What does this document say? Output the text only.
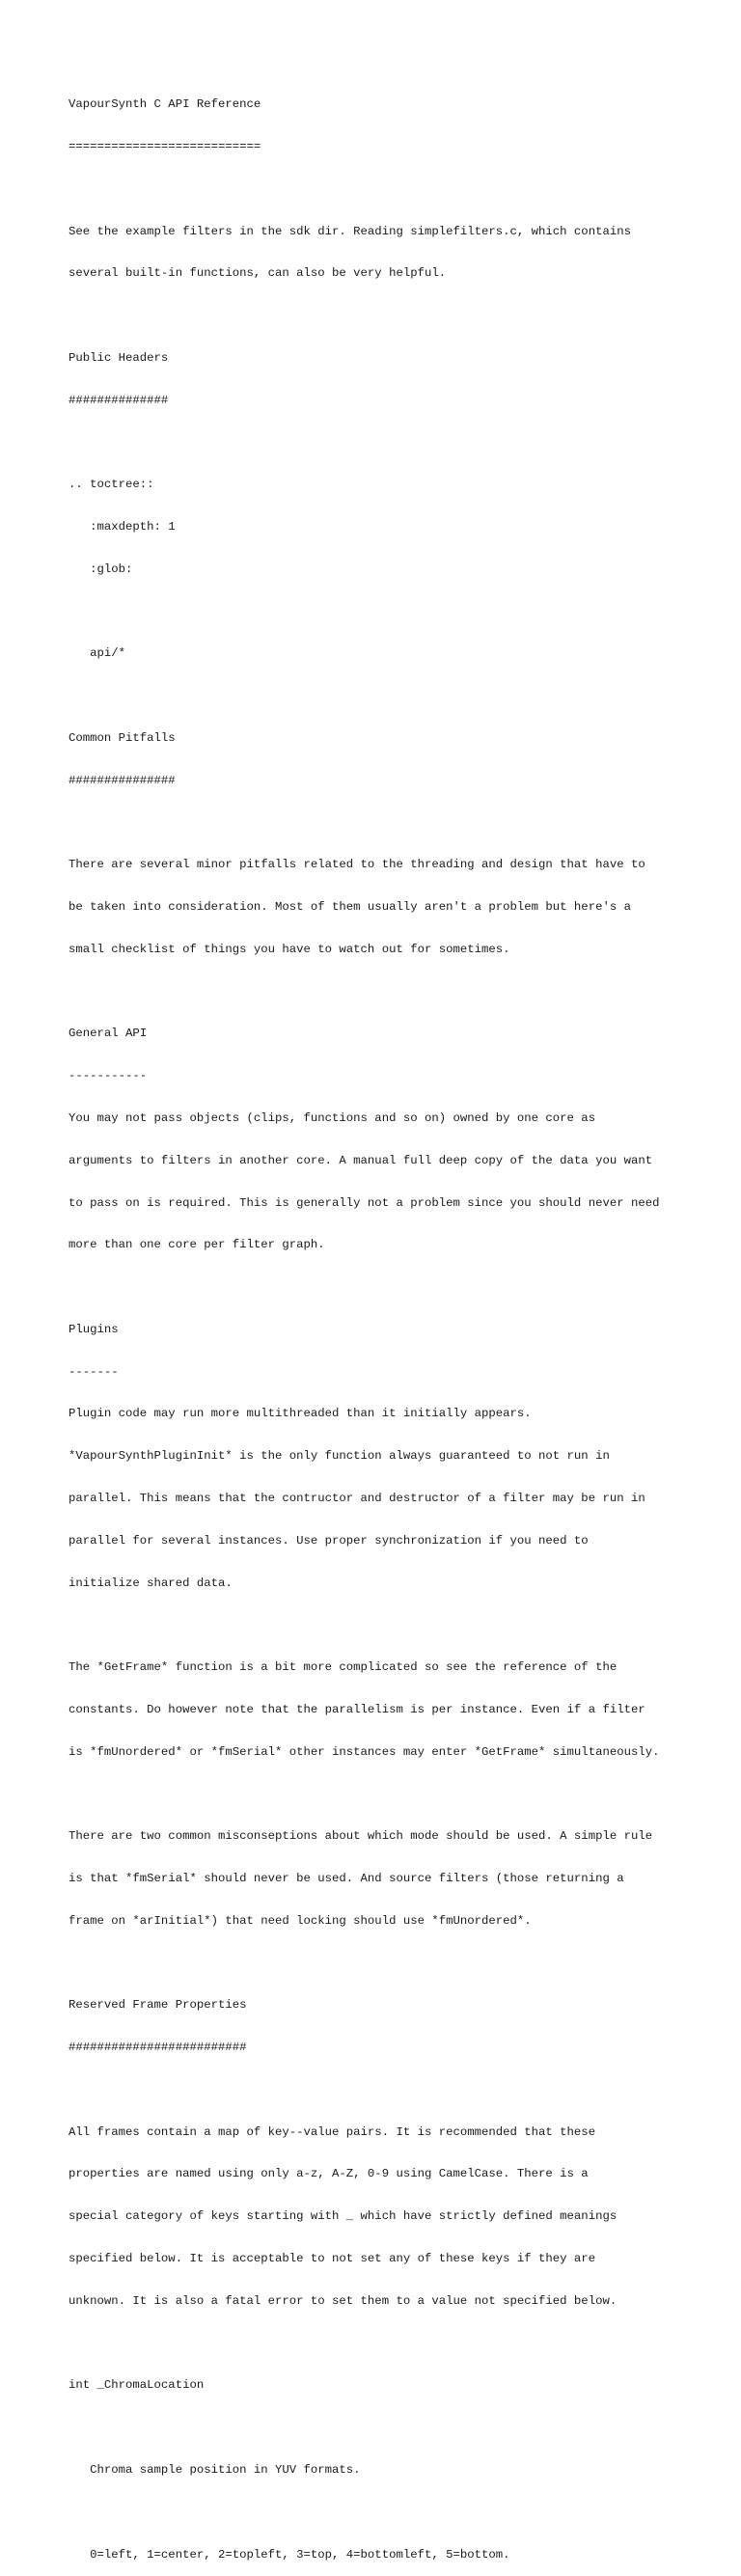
VapourSynth C API Reference

===========================

See the example filters in the sdk dir. Reading simplefilters.c, which contains

several built-in functions, can also be very helpful.

Public Headers

##############

.. toctree::

:maxdepth: 1

:glob:

api/*

Common Pitfalls

###############

There are several minor pitfalls related to the threading and design that have to

be taken into consideration. Most of them usually aren't a problem but here's a

small checklist of things you have to watch out for sometimes.

General API

-----------

You may not pass objects (clips, functions and so on) owned by one core as

arguments to filters in another core. A manual full deep copy of the data you want

to pass on is required. This is generally not a problem since you should never need

more than one core per filter graph.

Plugins

-------

Plugin code may run more multithreaded than it initially appears.

*VapourSynthPluginInit* is the only function always guaranteed to not run in

parallel. This means that the contructor and destructor of a filter may be run in

parallel for several instances. Use proper synchronization if you need to

initialize shared data.

The *GetFrame* function is a bit more complicated so see the reference of the

constants. Do however note that the parallelism is per instance. Even if a filter

is *fmUnordered* or *fmSerial* other instances may enter *GetFrame* simultaneously.

There are two common misconseptions about which mode should be used. A simple rule

is that *fmSerial* should never be used. And source filters (those returning a

frame on *arInitial*) that need locking should use *fmUnordered*.

Reserved Frame Properties

#########################

All frames contain a map of key--value pairs. It is recommended that these

properties are named using only a-z, A-Z, 0-9 using CamelCase. There is a

special category of keys starting with _ which have strictly defined meanings

specified below. It is acceptable to not set any of these keys if they are

unknown. It is also a fatal error to set them to a value not specified below.

int _ChromaLocation

Chroma sample position in YUV formats.

0=left, 1=center, 2=topleft, 3=top, 4=bottomleft, 5=bottom.
